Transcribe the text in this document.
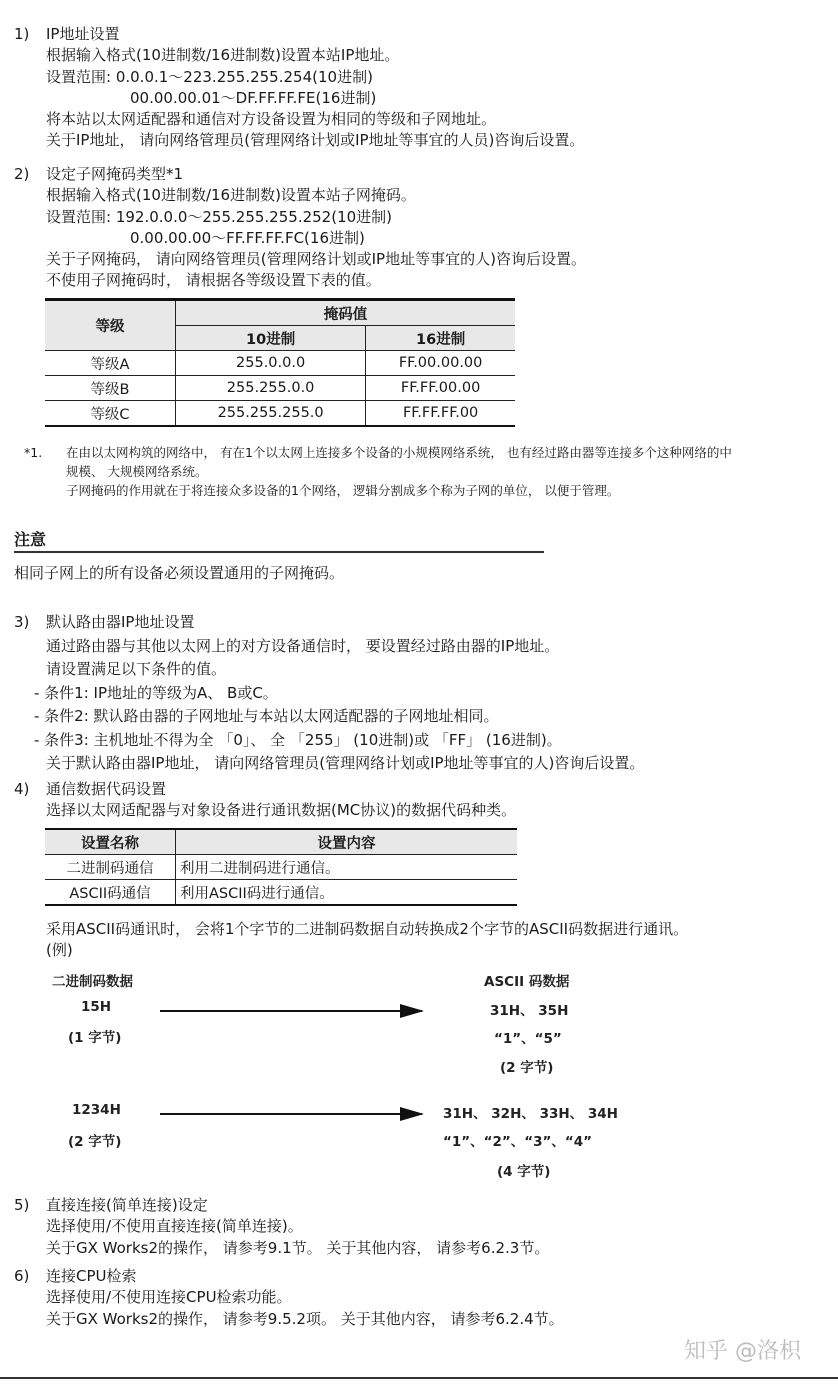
1) IP地址设置
根据输入格式(10进制数/16进制数)设置本站IP地址。
设置范围: 0.0.0.1～223.255.255.254(10进制)
00.00.00.01～DF.FF.FF.FE(16进制)
将本站以太网适配器和通信对方设备设置为相同的等级和子网地址。
关于IP地址， 请向网络管理员(管理网络计划或IP地址等事宜的人员)咨询后设置。
2) 设定子网掩码类型*1
根据输入格式(10进制数/16进制数)设置本站子网掩码。
设置范围: 192.0.0.0～255.255.255.252(10进制)
0.00.00.00～FF.FF.FF.FC(16进制)
关于子网掩码， 请向网络管理员(管理网络计划或IP地址等事宜的人)咨询后设置。
不使用子网掩码时， 请根据各等级设置下表的值。
等级	掩码值	
	10进制	16进制
等级A	255.0.0.0	FF.00.00.00
等级B	255.255.0.0	FF.FF.00.00
等级C	255.255.255.0	FF.FF.FF.00
*1. 在由以太网构筑的网络中， 有在1个以太网上连接多个设备的小规模网络系统， 也有经过路由器等连接多个这种网络的中
规模、 大规模网络系统。
子网掩码的作用就在于将连接众多设备的1个网络， 逻辑分割成多个称为子网的单位， 以便于管理。
注意
相同子网上的所有设备必须设置通用的子网掩码。
3) 默认路由器IP地址设置
通过路由器与其他以太网上的对方设备通信时， 要设置经过路由器的IP地址。
请设置满足以下条件的值。
- 条件1: IP地址的等级为A、 B或C。
- 条件2: 默认路由器的子网地址与本站以太网适配器的子网地址相同。
- 条件3: 主机地址不得为全 「0」、 全 「255」 (10进制)或 「FF」 (16进制)。
关于默认路由器IP地址， 请向网络管理员(管理网络计划或IP地址等事宜的人)咨询后设置。
4) 通信数据代码设置
选择以太网适配器与对象设备进行通讯数据(MC协议)的数据代码种类。
设置名称	设置内容
二进制码通信	利用二进制码进行通信。
ASCII码通信	利用ASCII码进行通信。
采用ASCII码通讯时， 会将1个字节的二进制码数据自动转换成2个字节的ASCII码数据进行通讯。
(例)
二进制码数据	ASCII 码数据
15H
(1 字节)
31H、 35H
“1”、“5”
(2 字节)
1234H
(2 字节)
31H、 32H、 33H、 34H
“1”、“2”、“3”、“4”
(4 字节)
5) 直接连接(简单连接)设定
选择使用/不使用直接连接(简单连接)。
关于GX Works2的操作， 请参考9.1节。 关于其他内容， 请参考6.2.3节。
6) 连接CPU检索
选择使用/不使用连接CPU检索功能。
关于GX Works2的操作， 请参考9.5.2项。 关于其他内容， 请参考6.2.4节。
知乎 @洛枳
